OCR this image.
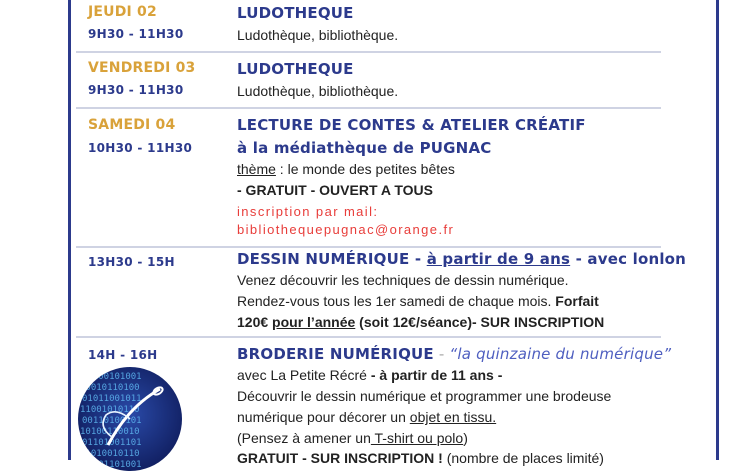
JEUDI 02
9H30 - 11H30
LUDOTHEQUE
Ludothèque, bibliothèque.
VENDREDI 03
9H30 - 11H30
LUDOTHEQUE
Ludothèque, bibliothèque.
SAMEDI 04
10H30 - 11H30
LECTURE DE CONTES & ATELIER CRÉATIF
à la médiathèque de PUGNAC
thème : le monde des petites bêtes
- GRATUIT - OUVERT A TOUS
inscription par mail:
bibliothequepugnac@orange.fr
13H30 - 15H	DESSIN NUMÉRIQUE - à partir de 9 ans - avec lonlon
Venez découvrir les techniques de dessin numérique.
Rendez-vous tous les 1er samedi de chaque mois. Forfait
120€ pour l’année (soit 12€/séance)- SUR INSCRIPTION
14H - 16H	BRODERIE NUMÉRIQUE - “la quinzaine du numérique”
avec La Petite Récré - à partir de 11 ans -
Découvrir le dessin numérique et programmer une brodeuse
numérique pour décorer un objet en tissu.
(Pensez à amener un T-shirt ou polo)
GRATUIT - SUR INSCRIPTION ! (nombre de places limité)
01100101001
10010110100
01011001011
11001010110
00110100101
10100110010
01101001101
11010010110
00101101001
